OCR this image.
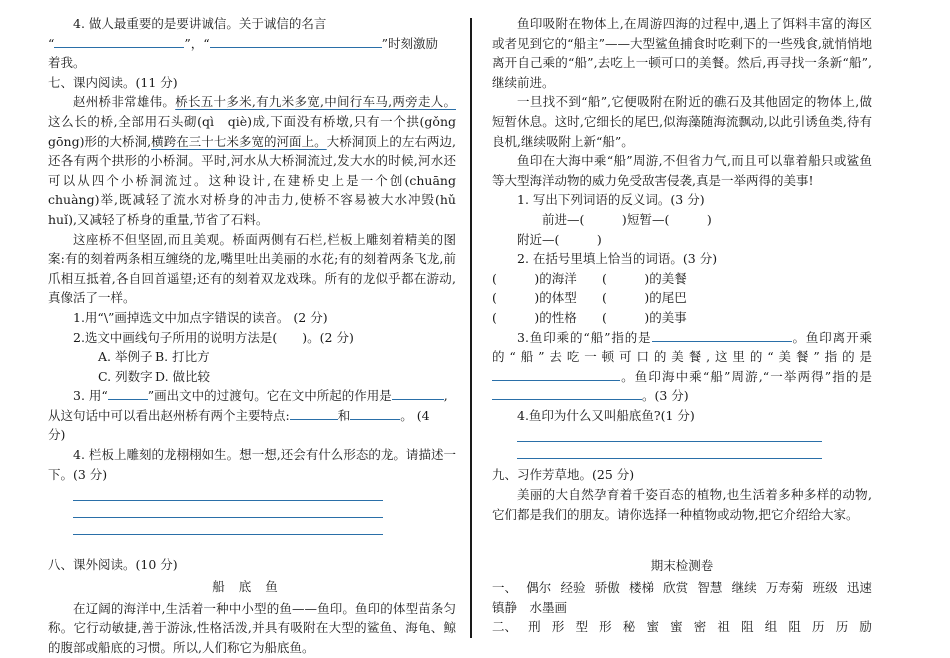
4. 做人最重要的是要讲诚信。关于诚信的名言

“	”，“	”时刻激励

着我。

七、课内阅读。(11 分)

赵州桥非常雄伟。桥长五十多米,有九米多宽,中间行车马,两旁走人。这么长的桥,全部用石头砌(qì　qiè)成,下面没有桥墩,只有一个拱(gǒng gōng)形的大桥洞,横跨在三十七米多宽的河面上。大桥洞顶上的左右两边,还各有两个拱形的小桥洞。平时,河水从大桥洞流过,发大水的时候,河水还可以从四个小桥洞流过。这种设计,在建桥史上是一个创(chuāng chuàng)举,既减轻了流水对桥身的冲击力,使桥不容易被大水冲毁(hǔ huǐ),又减轻了桥身的重量,节省了石料。

这座桥不但坚固,而且美观。桥面两侧有石栏,栏板上雕刻着精美的图案:有的刻着两条相互缠绕的龙,嘴里吐出美丽的水花;有的刻着两条飞龙,前爪相互抵着,各自回首遥望;还有的刻着双龙戏珠。所有的龙似乎都在游动,真像活了一样。

1.用“\”画掉选文中加点字错误的读音。 (2 分)

2.选文中画线句子所用的说明方法是(　　)。(2 分)

A. 举例子 B. 打比方
C. 列数字 D. 做比较

3. 用“	”画出文中的过渡句。它在文中所起的作用是	,

从这句话中可以看出赵州桥有两个主要特点:	和	。 (4

分)

4. 栏板上雕刻的龙栩栩如生。想一想,还会有什么形态的龙。请描述一下。(3 分)

八、课外阅读。(10 分)

船底鱼

在辽阔的海洋中,生活着一种中小型的鱼——鱼印。鱼印的体型苗条匀称。它行动敏捷,善于游泳,性格活泼,并具有吸附在大型的鲨鱼、海龟、鲸的腹部或船底的习惯。所以,人们称它为船底鱼。

鱼印吸附在物体上,在周游四海的过程中,遇上了饵料丰富的海区或者见到它的“船主”——大型鲨鱼捕食时吃剩下的一些残食,就悄悄地离开自己乘的“船”,去吃上一顿可口的美餐。然后,再寻找一条新“船”,继续前进。

一旦找不到“船”,它便吸附在附近的礁石及其他固定的物体上,做短暂休息。这时,它细长的尾巴,似海藻随海流飘动,以此引诱鱼类,待有良机,继续吸附上新“船”。

鱼印在大海中乘“船”周游,不但省力气,而且可以靠着船只或鲨鱼等大型海洋动物的威力免受敌害侵袭,真是一举两得的美事!

1. 写出下列词语的反义词。(3 分)

前进—(　　　)短暂—(　　　)

附近—(　　　)

2. 在括号里填上恰当的词语。(3 分)

(　　　)的海洋 (　　　)的美餐

(　　　)的体型 (　　　)的尾巴

(　　　)的性格 (　　　)的美事

3.鱼印乘的“船”指的是	。鱼印离开乘的“船”去吃一顿可口的美餐,这里的“美餐”指的是。鱼印海中乘“船”周游,“一举两得”指的是。(3 分)

4.鱼印为什么又叫船底鱼?(1 分)

九、习作芳草地。(25 分)

美丽的大自然孕育着千姿百态的植物,也生活着多种多样的动物,它们都是我们的朋友。请你选择一种植物或动物,把它介绍给大家。

期末检测卷

一、 偶尔 经验 骄傲 楼梯 欣赏 智慧 继续 万寿菊 班级 迅速

镇静　水墨画

二、 刑 形 型 形 秘 蜜 蜜 密 祖 阻 组 阻 历 历 励
